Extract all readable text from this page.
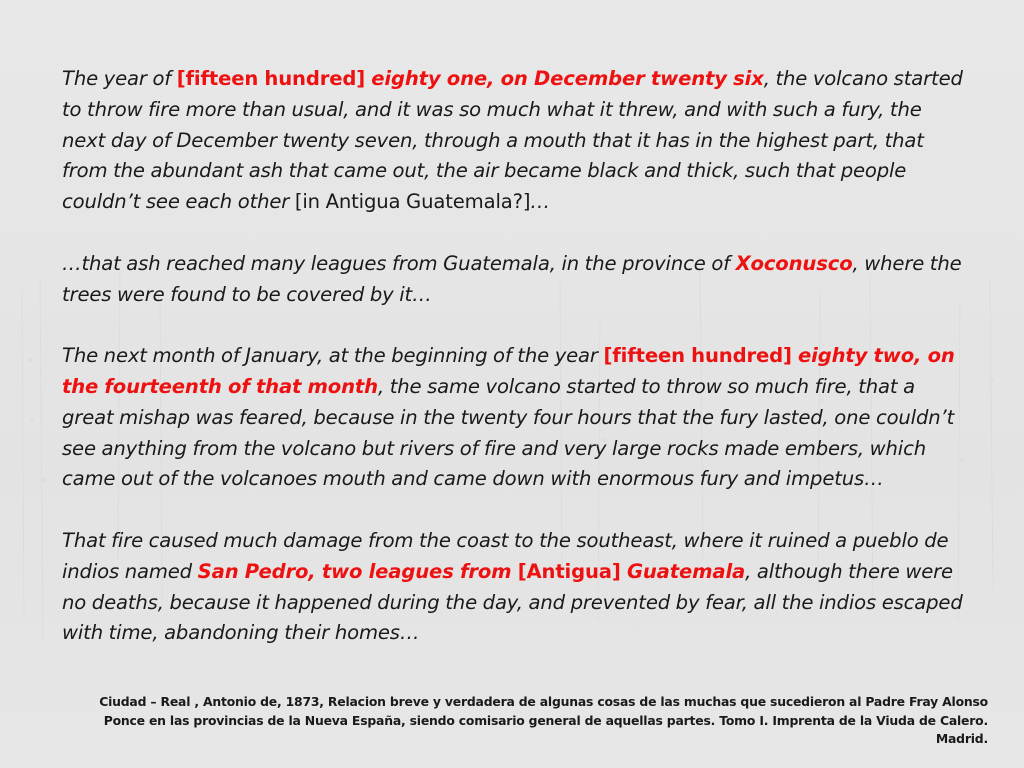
The year of [fifteen hundred] eighty one, on December twenty six, the volcano started to throw fire more than usual, and it was so much what it threw, and with such a fury, the next day of December twenty seven, through a mouth that it has in the highest part, that from the abundant ash that came out, the air became black and thick, such that people couldn’t see each other [in Antigua Guatemala?]…

…that ash reached many leagues from Guatemala, in the province of Xoconusco, where the trees were found to be covered by it…

The next month of January, at the beginning of the year [fifteen hundred] eighty two, on the fourteenth of that month, the same volcano started to throw so much fire, that a great mishap was feared, because in the twenty four hours that the fury lasted, one couldn’t see anything from the volcano but rivers of fire and very large rocks made embers, which came out of the volcanoes mouth and came down with enormous fury and impetus…

That fire caused much damage from the coast to the southeast, where it ruined a pueblo de indios named San Pedro, two leagues from [Antigua] Guatemala, although there were no deaths, because it happened during the day, and prevented by fear, all the indios escaped with time, abandoning their homes…

Ciudad – Real , Antonio de, 1873, Relacion breve y verdadera de algunas cosas de las muchas que sucedieron al Padre Fray Alonso Ponce en las provincias de la Nueva España, siendo comisario general de aquellas partes. Tomo I. Imprenta de la Viuda de Calero. Madrid.
